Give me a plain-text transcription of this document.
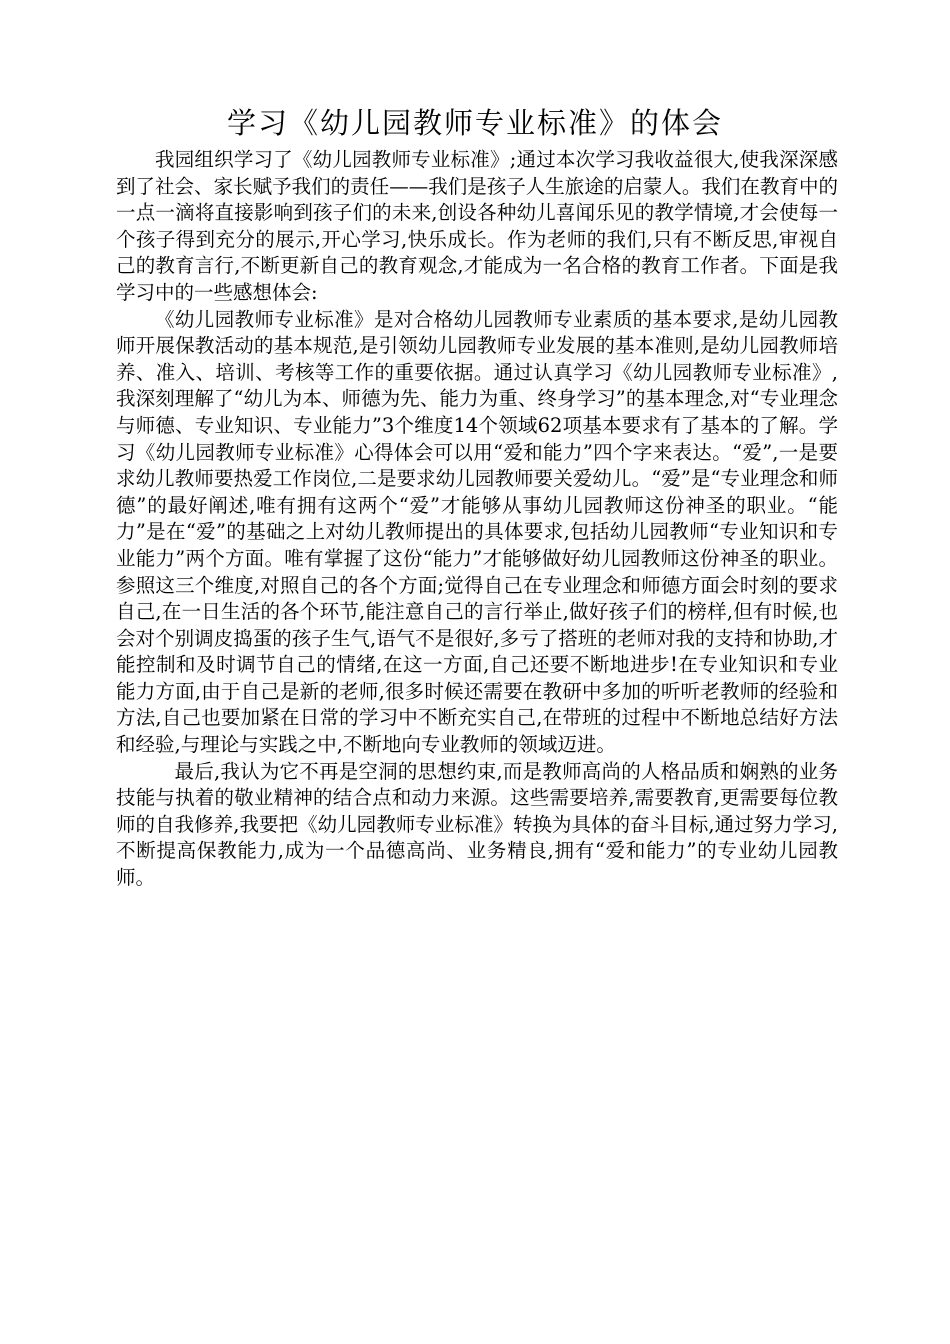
学习《幼儿园教师专业标准》的体会

我园组织学习了《幼儿园教师专业标准》;通过本次学习我收益很大,使我深深感到了社会、家长赋予我们的责任——我们是孩子人生旅途的启蒙人。我们在教育中的一点一滴将直接影响到孩子们的未来,创设各种幼儿喜闻乐见的教学情境,才会使每一个孩子得到充分的展示,开心学习,快乐成长。作为老师的我们,只有不断反思,审视自己的教育言行,不断更新自己的教育观念,才能成为一名合格的教育工作者。下面是我学习中的一些感想体会:

《幼儿园教师专业标准》是对合格幼儿园教师专业素质的基本要求,是幼儿园教师开展保教活动的基本规范,是引领幼儿园教师专业发展的基本准则,是幼儿园教师培养、准入、培训、考核等工作的重要依据。通过认真学习《幼儿园教师专业标准》,我深刻理解了“幼儿为本、师德为先、能力为重、终身学习”的基本理念,对“专业理念与师德、专业知识、专业能力”3个维度14个领域62项基本要求有了基本的了解。学习《幼儿园教师专业标准》心得体会可以用“爱和能力”四个字来表达。“爱”,一是要求幼儿教师要热爱工作岗位,二是要求幼儿园教师要关爱幼儿。“爱”是“专业理念和师德”的最好阐述,唯有拥有这两个“爱”才能够从事幼儿园教师这份神圣的职业。“能力”是在“爱”的基础之上对幼儿教师提出的具体要求,包括幼儿园教师“专业知识和专业能力”两个方面。唯有掌握了这份“能力”才能够做好幼儿园教师这份神圣的职业。参照这三个维度,对照自己的各个方面;觉得自己在专业理念和师德方面会时刻的要求自己,在一日生活的各个环节,能注意自己的言行举止,做好孩子们的榜样,但有时候,也会对个别调皮捣蛋的孩子生气,语气不是很好,多亏了搭班的老师对我的支持和协助,才能控制和及时调节自己的情绪,在这一方面,自己还要不断地进步!在专业知识和专业能力方面,由于自己是新的老师,很多时候还需要在教研中多加的听听老教师的经验和方法,自己也要加紧在日常的学习中不断充实自己,在带班的过程中不断地总结好方法和经验,与理论与实践之中,不断地向专业教师的领域迈进。

最后,我认为它不再是空洞的思想约束,而是教师高尚的人格品质和娴熟的业务技能与执着的敬业精神的结合点和动力来源。这些需要培养,需要教育,更需要每位教师的自我修养,我要把《幼儿园教师专业标准》转换为具体的奋斗目标,通过努力学习,不断提高保教能力,成为一个品德高尚、业务精良,拥有“爱和能力”的专业幼儿园教师。
